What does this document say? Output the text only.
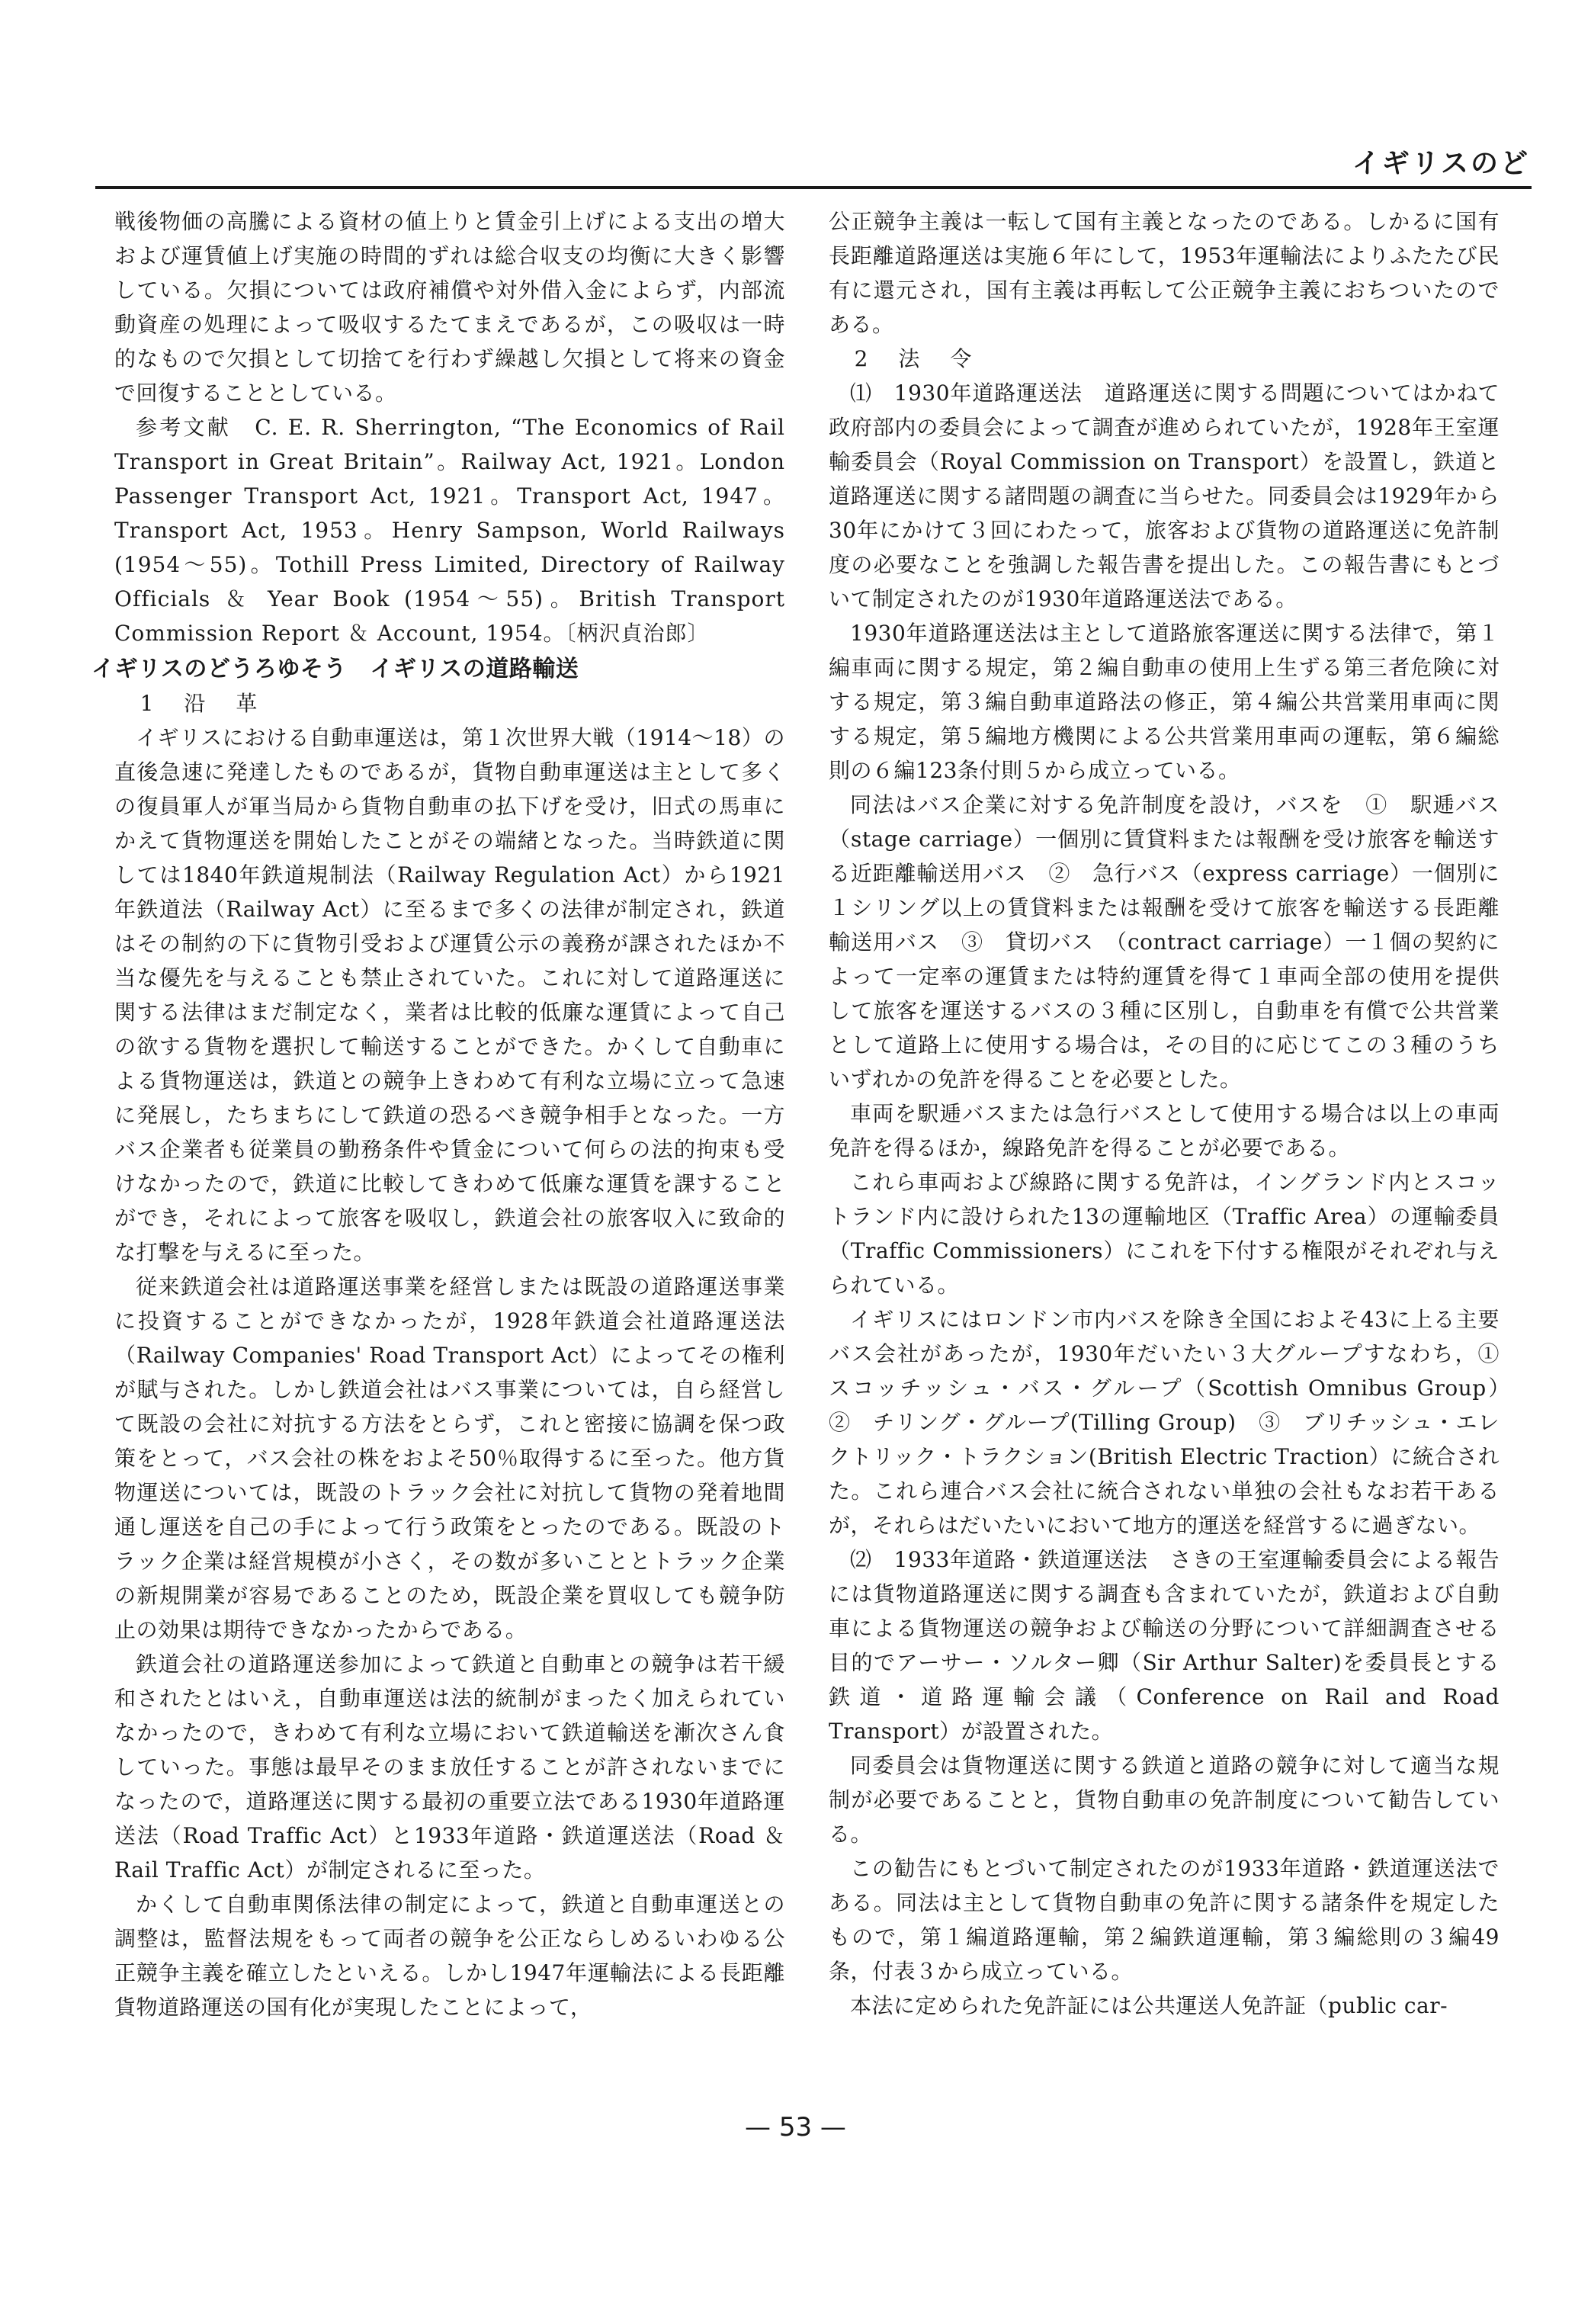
イギリスのど

戦後物価の高騰による資材の値上りと賃金引上げによる支出の増大および運賃値上げ実施の時間的ずれは総合収支の均衡に大きく影響している。欠損については政府補償や対外借入金によらず，内部流動資産の処理によって吸収するたてまえであるが，この吸収は一時的なもので欠損として切捨てを行わず繰越し欠損として将来の資金で回復することとしている。

参考文献　C. E. R. Sherrington, “The Economics of Rail Transport in Great Britain”。Railway Act, 1921。London Passenger Transport Act, 1921。Transport Act, 1947。Transport Act, 1953。Henry Sampson, World Railways (1954～55)。Tothill Press Limited, Directory of Railway Officials ＆ Year Book (1954～55)。British Transport Commission Report ＆ Account, 1954。〔柄沢貞治郎〕

イギリスのどうろゆそう　イギリスの道路輸送

1　沿　革

イギリスにおける自動車運送は，第１次世界大戦（1914～18）の直後急速に発達したものであるが，貨物自動車運送は主として多くの復員軍人が軍当局から貨物自動車の払下げを受け，旧式の馬車にかえて貨物運送を開始したことがその端緒となった。当時鉄道に関しては1840年鉄道規制法（Railway Regulation Act）から1921年鉄道法（Railway Act）に至るまで多くの法律が制定され，鉄道はその制約の下に貨物引受および運賃公示の義務が課されたほか不当な優先を与えることも禁止されていた。これに対して道路運送に関する法律はまだ制定なく，業者は比較的低廉な運賃によって自己の欲する貨物を選択して輸送することができた。かくして自動車による貨物運送は，鉄道との競争上きわめて有利な立場に立って急速に発展し，たちまちにして鉄道の恐るべき競争相手となった。一方バス企業者も従業員の勤務条件や賃金について何らの法的拘束も受けなかったので，鉄道に比較してきわめて低廉な運賃を課することができ，それによって旅客を吸収し，鉄道会社の旅客収入に致命的な打撃を与えるに至った。

従来鉄道会社は道路運送事業を経営しまたは既設の道路運送事業に投資することができなかったが，1928年鉄道会社道路運送法（Railway Companies' Road Transport Act）によってその権利が賦与された。しかし鉄道会社はバス事業については，自ら経営して既設の会社に対抗する方法をとらず，これと密接に協調を保つ政策をとって，バス会社の株をおよそ50％取得するに至った。他方貨物運送については，既設のトラック会社に対抗して貨物の発着地間通し運送を自己の手によって行う政策をとったのである。既設のトラック企業は経営規模が小さく，その数が多いこととトラック企業の新規開業が容易であることのため，既設企業を買収しても競争防止の効果は期待できなかったからである。

鉄道会社の道路運送参加によって鉄道と自動車との競争は若干緩和されたとはいえ，自動車運送は法的統制がまったく加えられていなかったので，きわめて有利な立場において鉄道輸送を漸次さん食していった。事態は最早そのまま放任することが許されないまでになったので，道路運送に関する最初の重要立法である1930年道路運送法（Road Traffic Act）と1933年道路・鉄道運送法（Road ＆ Rail Traffic Act）が制定されるに至った。

かくして自動車関係法律の制定によって，鉄道と自動車運送との調整は，監督法規をもって両者の競争を公正ならしめるいわゆる公正競争主義を確立したといえる。しかし1947年運輸法による長距離貨物道路運送の国有化が実現したことによって，

公正競争主義は一転して国有主義となったのである。しかるに国有長距離道路運送は実施６年にして，1953年運輸法によりふたたび民有に還元され，国有主義は再転して公正競争主義におちついたのである。

2　法　令

⑴　1930年道路運送法　道路運送に関する問題についてはかねて政府部内の委員会によって調査が進められていたが，1928年王室運輸委員会（Royal Commission on Transport）を設置し，鉄道と道路運送に関する諸問題の調査に当らせた。同委員会は1929年から30年にかけて３回にわたって，旅客および貨物の道路運送に免許制度の必要なことを強調した報告書を提出した。この報告書にもとづいて制定されたのが1930年道路運送法である。

1930年道路運送法は主として道路旅客運送に関する法律で，第１編車両に関する規定，第２編自動車の使用上生ずる第三者危険に対する規定，第３編自動車道路法の修正，第４編公共営業用車両に関する規定，第５編地方機関による公共営業用車両の運転，第６編総則の６編123条付則５から成立っている。

同法はバス企業に対する免許制度を設け，バスを　①　駅逓バス（stage carriage）一個別に賃貸料または報酬を受け旅客を輸送する近距離輸送用バス　②　急行バス（express carriage）一個別に１シリング以上の賃貸料または報酬を受けて旅客を輸送する長距離輸送用バス　③　貸切バス　（contract carriage）一１個の契約によって一定率の運賃または特約運賃を得て１車両全部の使用を提供して旅客を運送するバスの３種に区別し，自動車を有償で公共営業として道路上に使用する場合は，その目的に応じてこの３種のうちいずれかの免許を得ることを必要とした。

車両を駅逓バスまたは急行バスとして使用する場合は以上の車両免許を得るほか，線路免許を得ることが必要である。

これら車両および線路に関する免許は，イングランド内とスコットランド内に設けられた13の運輸地区（Traffic Area）の運輸委員（Traffic Commissioners）にこれを下付する権限がそれぞれ与えられている。

イギリスにはロンドン市内バスを除き全国におよそ43に上る主要バス会社があったが，1930年だいたい３大グループすなわち，①　スコッチッシュ・バス・グループ（Scottish Omnibus Group）　②　チリング・グループ(Tilling Group)　③　ブリチッシュ・エレクトリック・トラクション(British Electric Traction）に統合された。これら連合バス会社に統合されない単独の会社もなお若干あるが，それらはだいたいにおいて地方的運送を経営するに過ぎない。

⑵　1933年道路・鉄道運送法　さきの王室運輸委員会による報告には貨物道路運送に関する調査も含まれていたが，鉄道および自動車による貨物運送の競争および輸送の分野について詳細調査させる目的でアーサー・ソルター卿（Sir Arthur Salter)を委員長とする鉄道・道路運輸会議（Conference on Rail and Road Transport）が設置された。

同委員会は貨物運送に関する鉄道と道路の競争に対して適当な規制が必要であることと，貨物自動車の免許制度について勧告している。

この勧告にもとづいて制定されたのが1933年道路・鉄道運送法である。同法は主として貨物自動車の免許に関する諸条件を規定したもので，第１編道路運輸，第２編鉄道運輸，第３編総則の３編49条，付表３から成立っている。

本法に定められた免許証には公共運送人免許証（public car-

— 53 —
